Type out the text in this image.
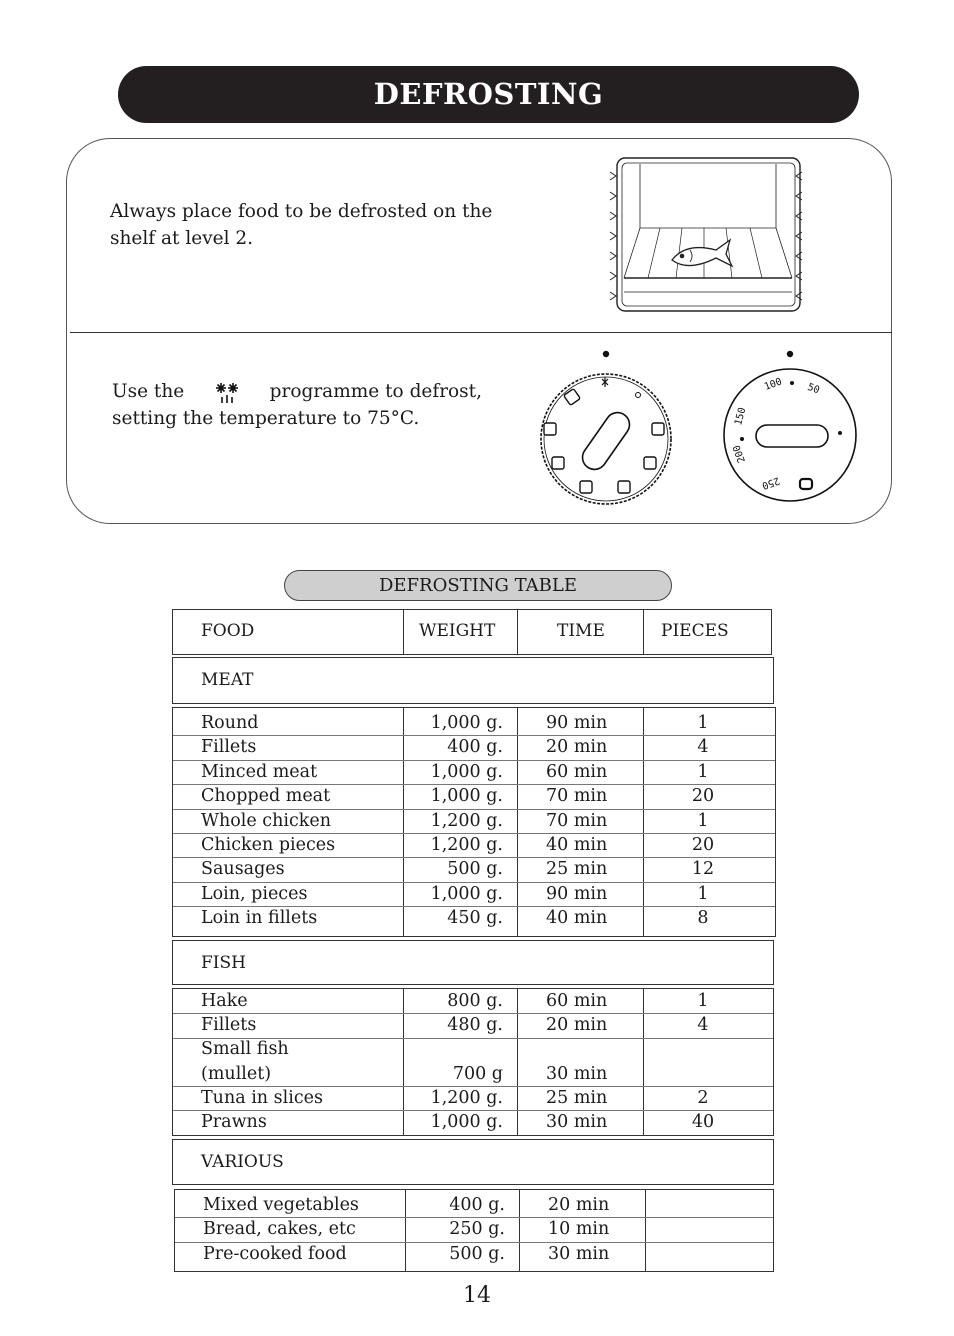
DEFROSTING
Always place food to be defrosted on the shelf at level 2.
Use the	programme to defrost,
setting the temperature to 75°C.
100 50
150
200
250
DEFROSTING TABLE
FOOD	WEIGHT	TIME	PIECES
MEAT
Round	1,000 g. 90 min	1
Fillets	400 g. 20 min	4
Minced meat	1,000 g. 60 min	1
Chopped meat	1,000 g. 70 min	20
Whole chicken	1,200 g. 70 min	1
Chicken pieces	1,200 g. 40 min	20
Sausages	500 g. 25 min	12
Loin, pieces	1,000 g. 90 min	1
Loin in fillets	450 g. 40 min	8
FISH
Hake	800 g. 60 min	1
Fillets	480 g. 20 min	4
Small fish
(mullet)	700 g 30 min
Tuna in slices	1,200 g. 25 min	2
Prawns	1,000 g. 30 min	40
VARIOUS
Mixed vegetables	400 g. 20 min
Bread, cakes, etc	250 g. 10 min
Pre-cooked food	500 g. 30 min
14
